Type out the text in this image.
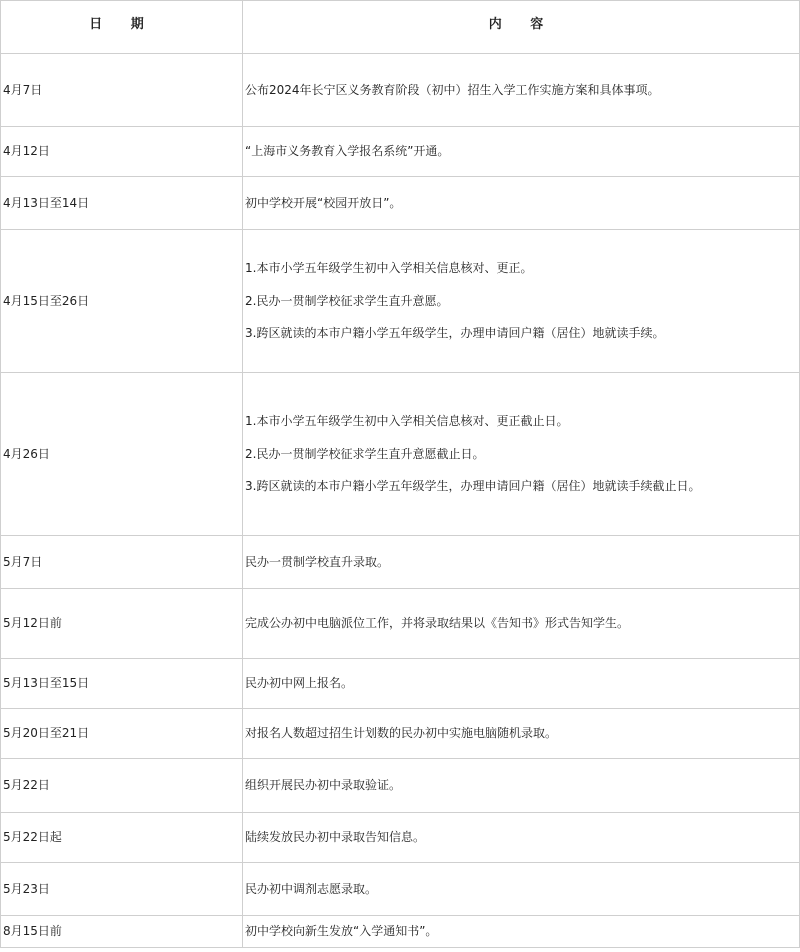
日 期	内 容
4月7日	公布2024年长宁区义务教育阶段（初中）招生入学工作实施方案和具体事项。
4月12日	“上海市义务教育入学报名系统”开通。
4月13日至14日	初中学校开展“校园开放日”。
4月15日至26日	1.本市小学五年级学生初中入学相关信息核对、更正。

2.民办一贯制学校征求学生直升意愿。

3.跨区就读的本市户籍小学五年级学生，办理申请回户籍（居住）地就读手续。

4月26日	1.本市小学五年级学生初中入学相关信息核对、更正截止日。

2.民办一贯制学校征求学生直升意愿截止日。

3.跨区就读的本市户籍小学五年级学生，办理申请回户籍（居住）地就读手续截止日。

5月7日	民办一贯制学校直升录取。
5月12日前	完成公办初中电脑派位工作，并将录取结果以《告知书》形式告知学生。
5月13日至15日	民办初中网上报名。
5月20日至21日	对报名人数超过招生计划数的民办初中实施电脑随机录取。
5月22日	组织开展民办初中录取验证。
5月22日起	陆续发放民办初中录取告知信息。
5月23日	民办初中调剂志愿录取。
8月15日前	初中学校向新生发放“入学通知书”。
